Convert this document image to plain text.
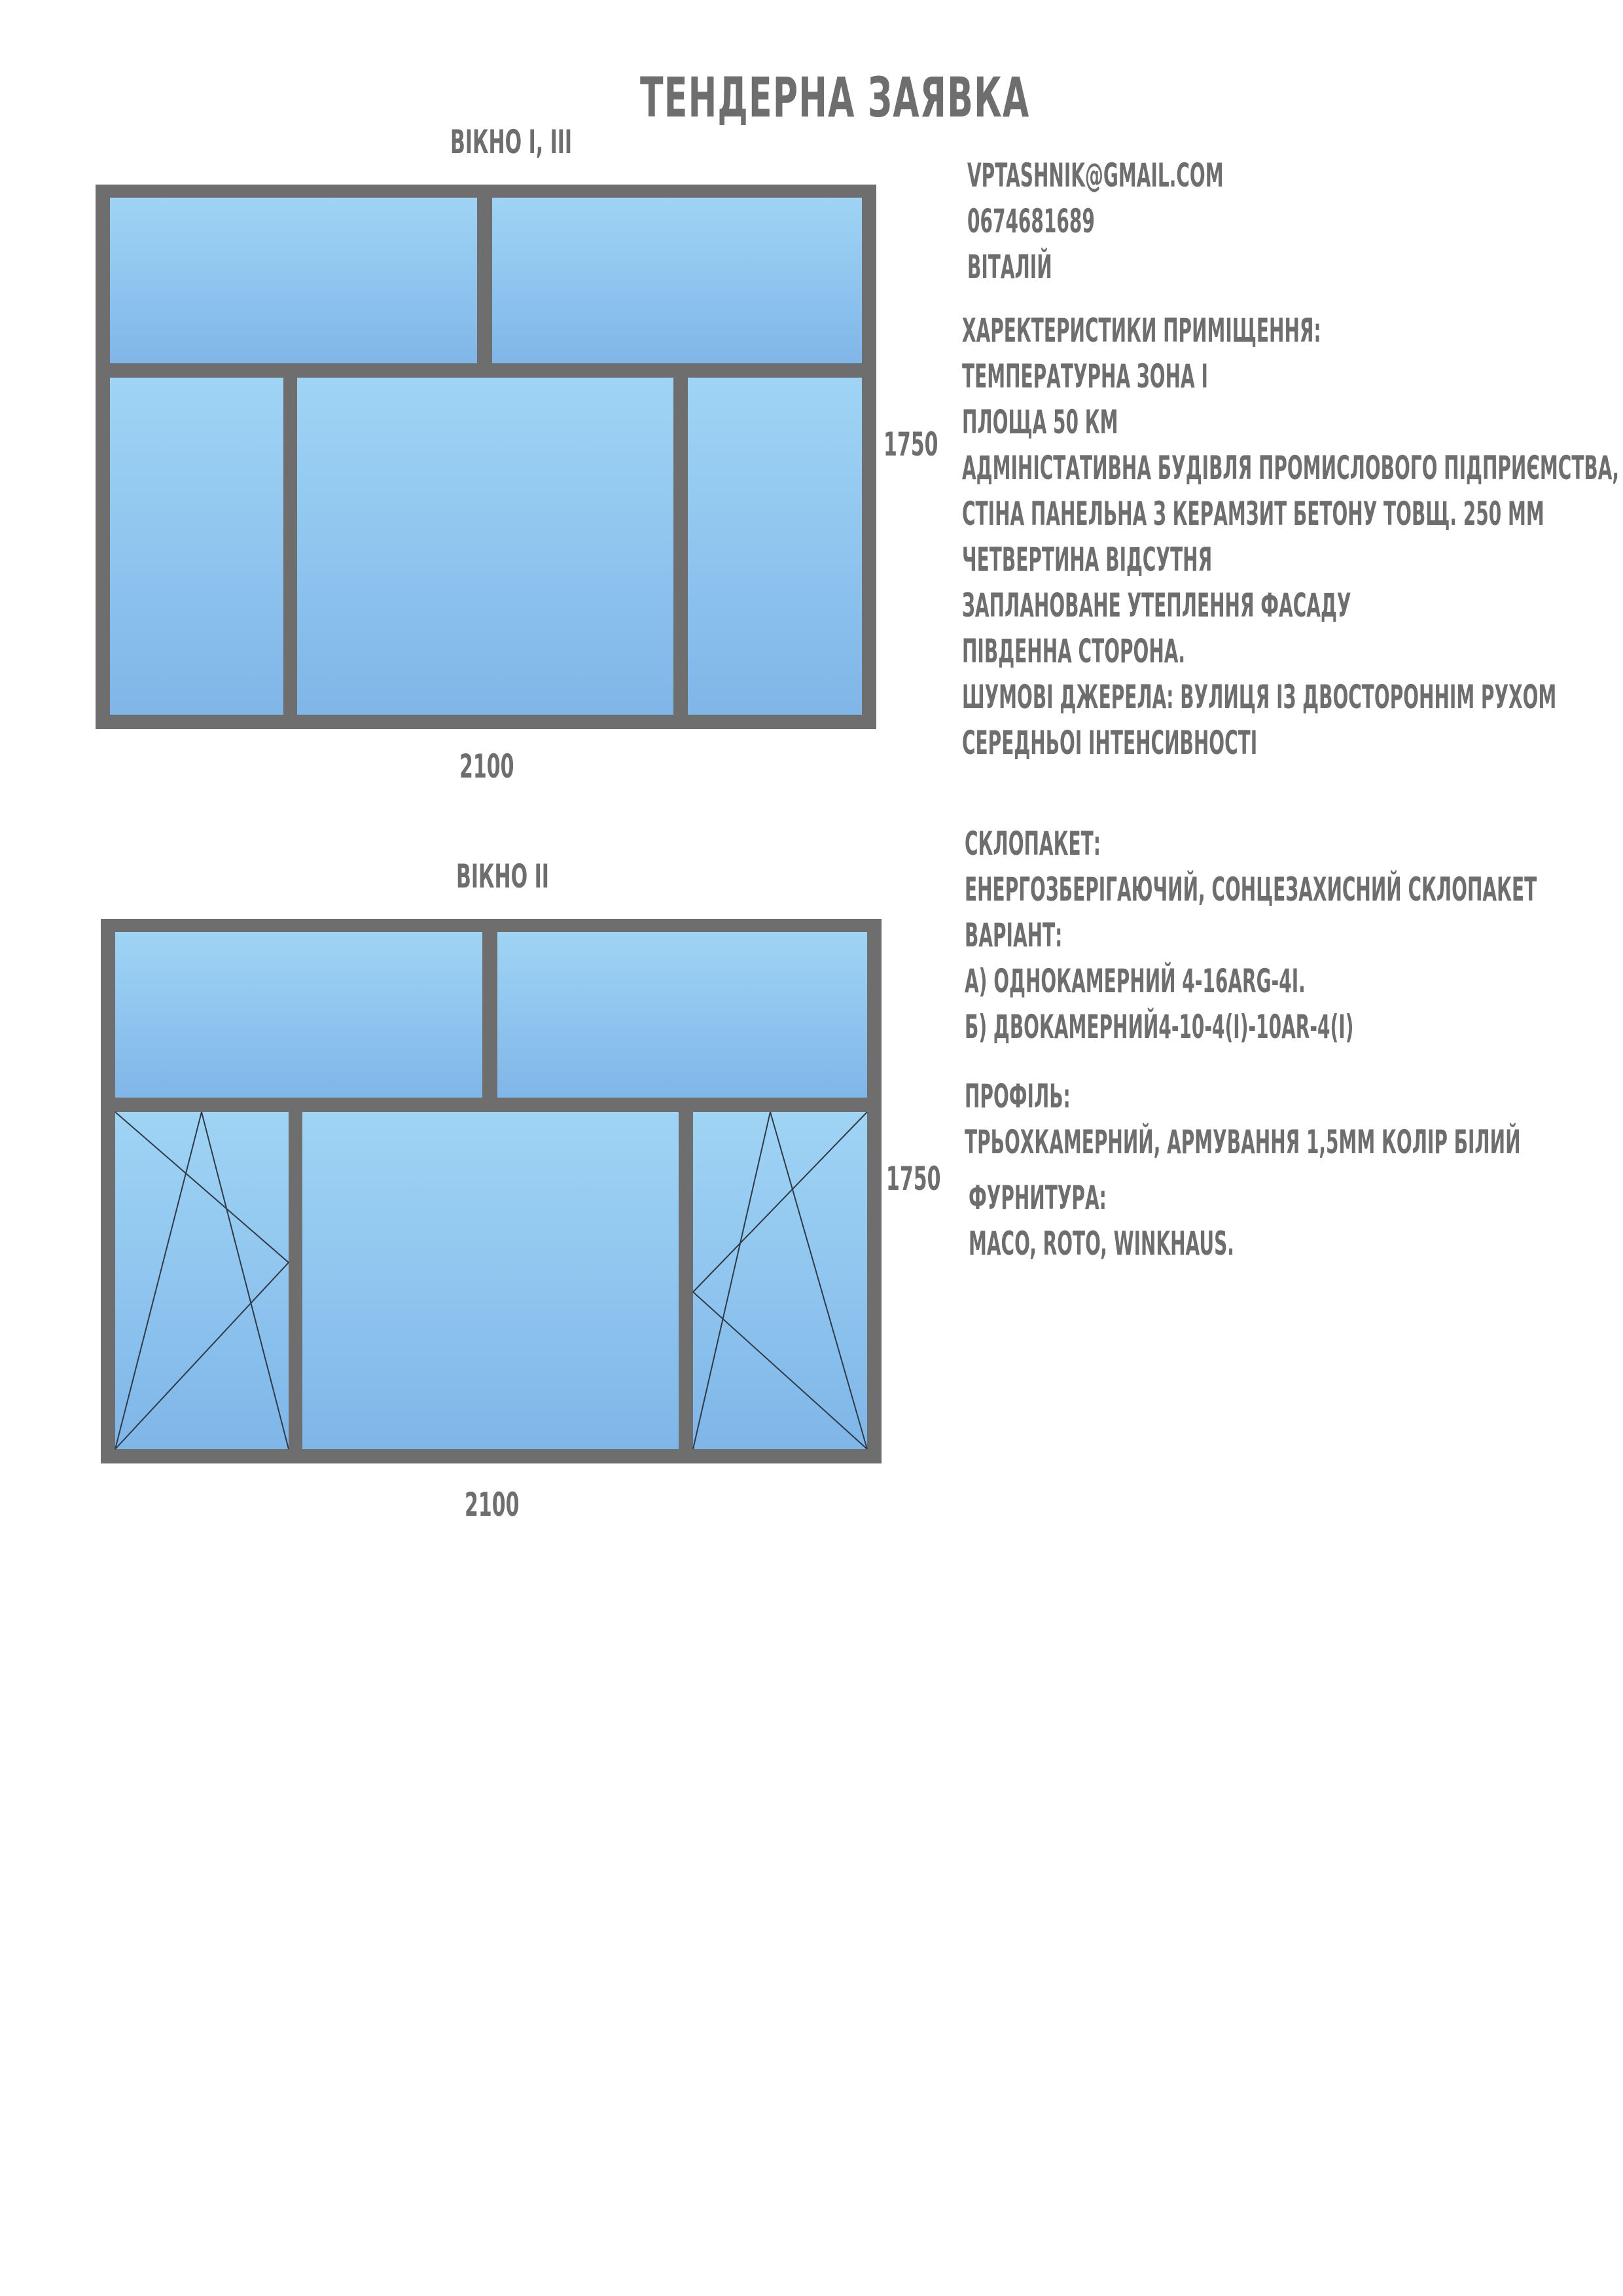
ТЕНДЕРНА ЗАЯВКА
ВІКНО I, III
1750
2100
ВІКНО II
1750
2100
VPTASHNIK@GMAIL.COM
0674681689
ВІТАЛІЙ
ХАРЕКТЕРИСТИКИ ПРИМІЩЕННЯ:
ТЕМПЕРАТУРНА ЗОНА I
ПЛОЩА 50 КМ
АДМІНІСТАТИВНА БУДІВЛЯ ПРОМИСЛОВОГО ПІДПРИЄМСТВА,
СТІНА ПАНЕЛЬНА З КЕРАМЗИТ БЕТОНУ ТОВЩ. 250 ММ
ЧЕТВЕРТИНА ВІДСУТНЯ
ЗАПЛАНОВАНЕ УТЕПЛЕННЯ ФАСАДУ
ПІВДЕННА СТОРОНА.
ШУМОВІ ДЖЕРЕЛА: ВУЛИЦЯ ІЗ ДВОСТОРОННІМ РУХОМ
СЕРЕДНЬОІ ІНТЕНСИВНОСТІ
СКЛОПАКЕТ:
ЕНЕРГОЗБЕРІГАЮЧИЙ, СОНЦЕЗАХИСНИЙ СКЛОПАКЕТ
ВАРІАНТ:
А) ОДНОКАМЕРНИЙ 4-16ARG-4I.
Б) ДВОКАМЕРНИЙ4-10-4(I)-10AR-4(I)
ПРОФІЛЬ:
ТРЬОХКАМЕРНИЙ, АРМУВАННЯ 1,5ММ КОЛІР БІЛИЙ
ФУРНИТУРА:
MACO, ROTO, WINKHAUS.
